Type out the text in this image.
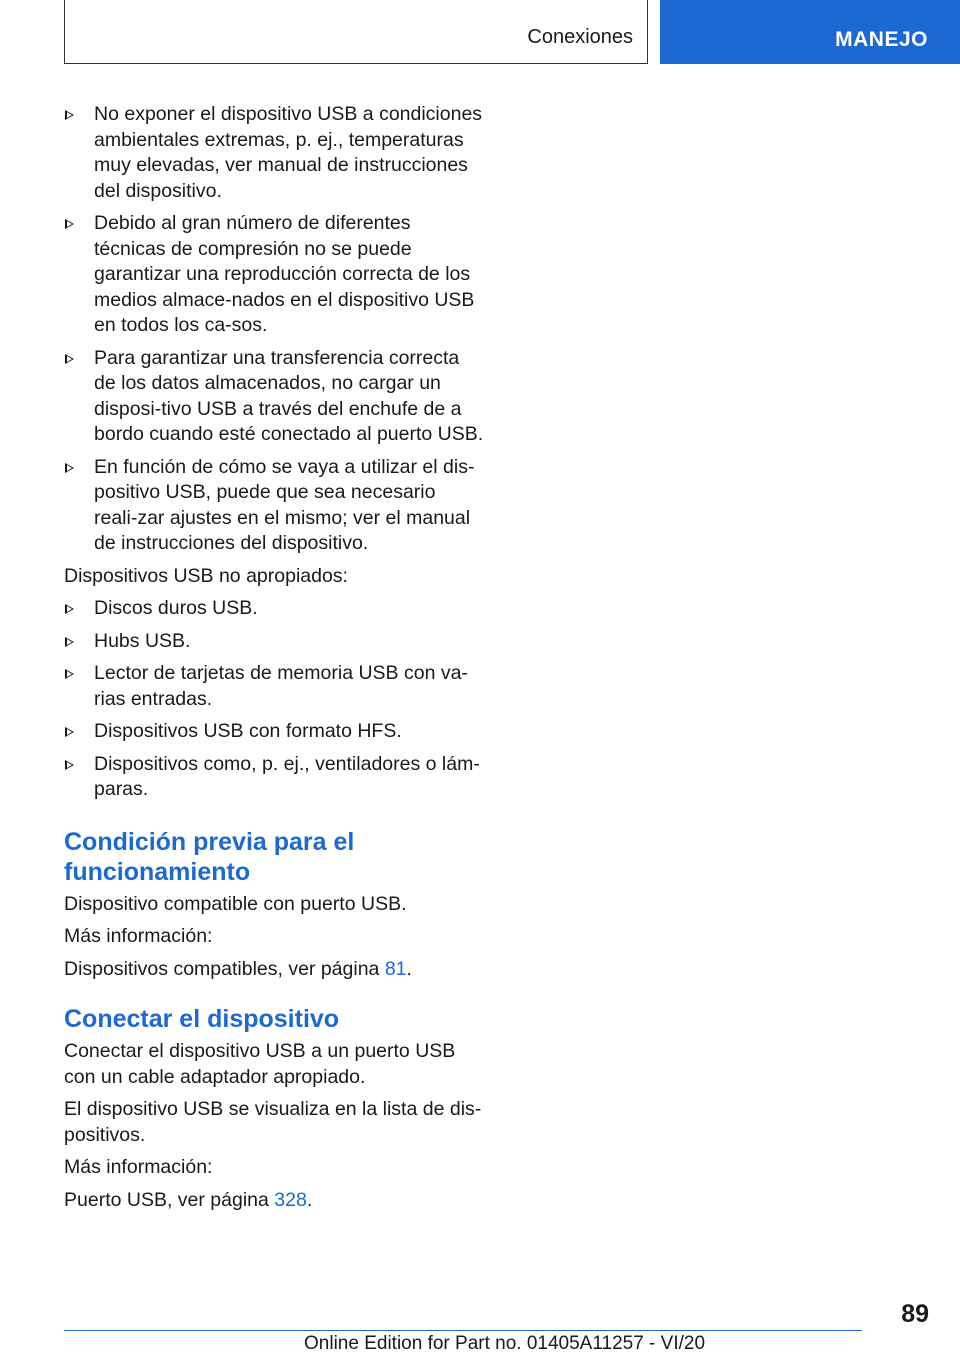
Conexiones	MANEJO
No exponer el dispositivo USB a condiciones ambientales extremas, p. ej., temperaturas muy elevadas, ver manual de instrucciones del dispositivo.
Debido al gran número de diferentes técnicas de compresión no se puede garantizar una reproducción correcta de los medios almace-nados en el dispositivo USB en todos los ca-sos.
Para garantizar una transferencia correcta de los datos almacenados, no cargar un disposi-tivo USB a través del enchufe de a bordo cuando esté conectado al puerto USB.
En función de cómo se vaya a utilizar el dis-positivo USB, puede que sea necesario reali-zar ajustes en el mismo; ver el manual de instrucciones del dispositivo.

Dispositivos USB no apropiados:

Discos duros USB.
Hubs USB.
Lector de tarjetas de memoria USB con va-rias entradas.
Dispositivos USB con formato HFS.
Dispositivos como, p. ej., ventiladores o lám-paras.
Condición previa para el funcionamiento

Dispositivo compatible con puerto USB.

Más información:

Dispositivos compatibles, ver página 81.

Conectar el dispositivo

Conectar el dispositivo USB a un puerto USB con un cable adaptador apropiado.

El dispositivo USB se visualiza en la lista de dis-positivos.

Más información:

Puerto USB, ver página 328.

89
Online Edition for Part no. 01405A11257 - VI/20
